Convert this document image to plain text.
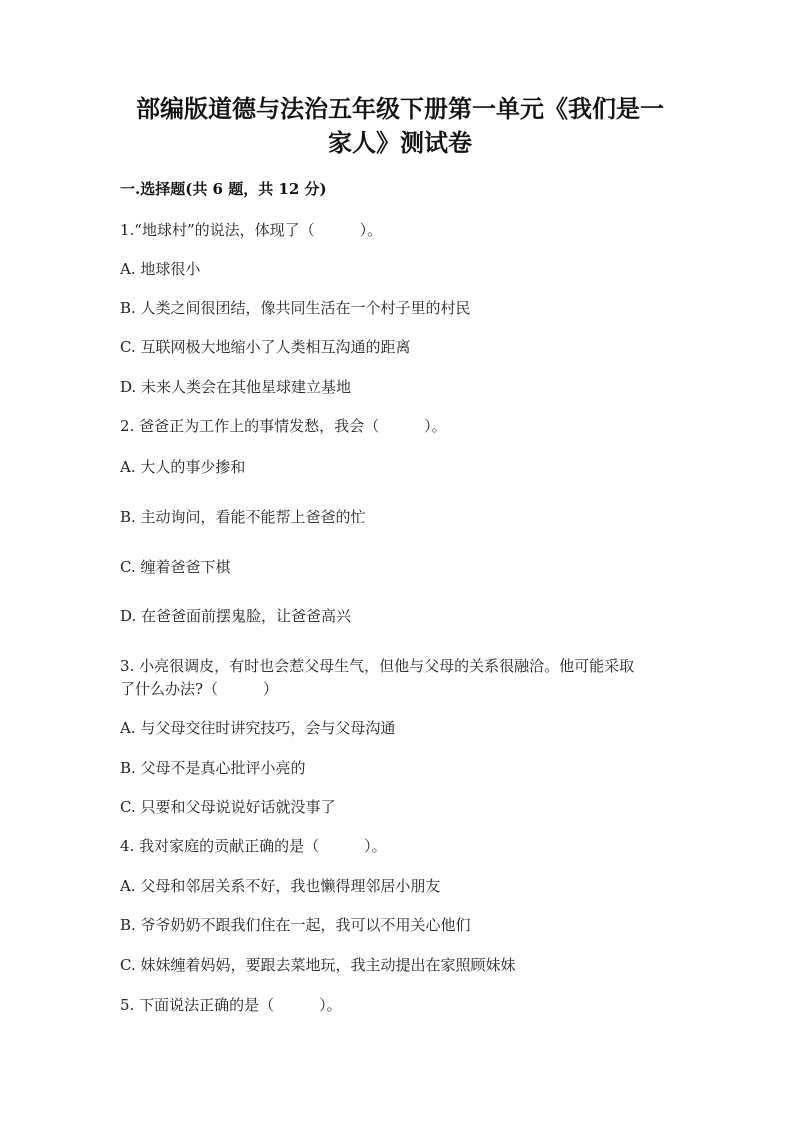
部编版道德与法治五年级下册第一单元《我们是一
家人》测试卷
一.选择题(共 6 题，共 12 分)
1.“地球村”的说法，体现了（　　　）。
A. 地球很小
B. 人类之间很团结，像共同生活在一个村子里的村民
C. 互联网极大地缩小了人类相互沟通的距离
D. 未来人类会在其他星球建立基地
2. 爸爸正为工作上的事情发愁，我会（　　　）。
A. 大人的事少掺和
B. 主动询问，看能不能帮上爸爸的忙
C. 缠着爸爸下棋
D. 在爸爸面前摆鬼脸，让爸爸高兴
3. 小亮很调皮，有时也会惹父母生气，但他与父母的关系很融洽。他可能采取
了什么办法?（　　　）
A. 与父母交往时讲究技巧，会与父母沟通
B. 父母不是真心批评小亮的
C. 只要和父母说说好话就没事了
4. 我对家庭的贡献正确的是（　　　）。
A. 父母和邻居关系不好，我也懒得理邻居小朋友
B. 爷爷奶奶不跟我们住在一起，我可以不用关心他们
C. 妹妹缠着妈妈，要跟去菜地玩，我主动提出在家照顾妹妹
5. 下面说法正确的是（　　　）。
